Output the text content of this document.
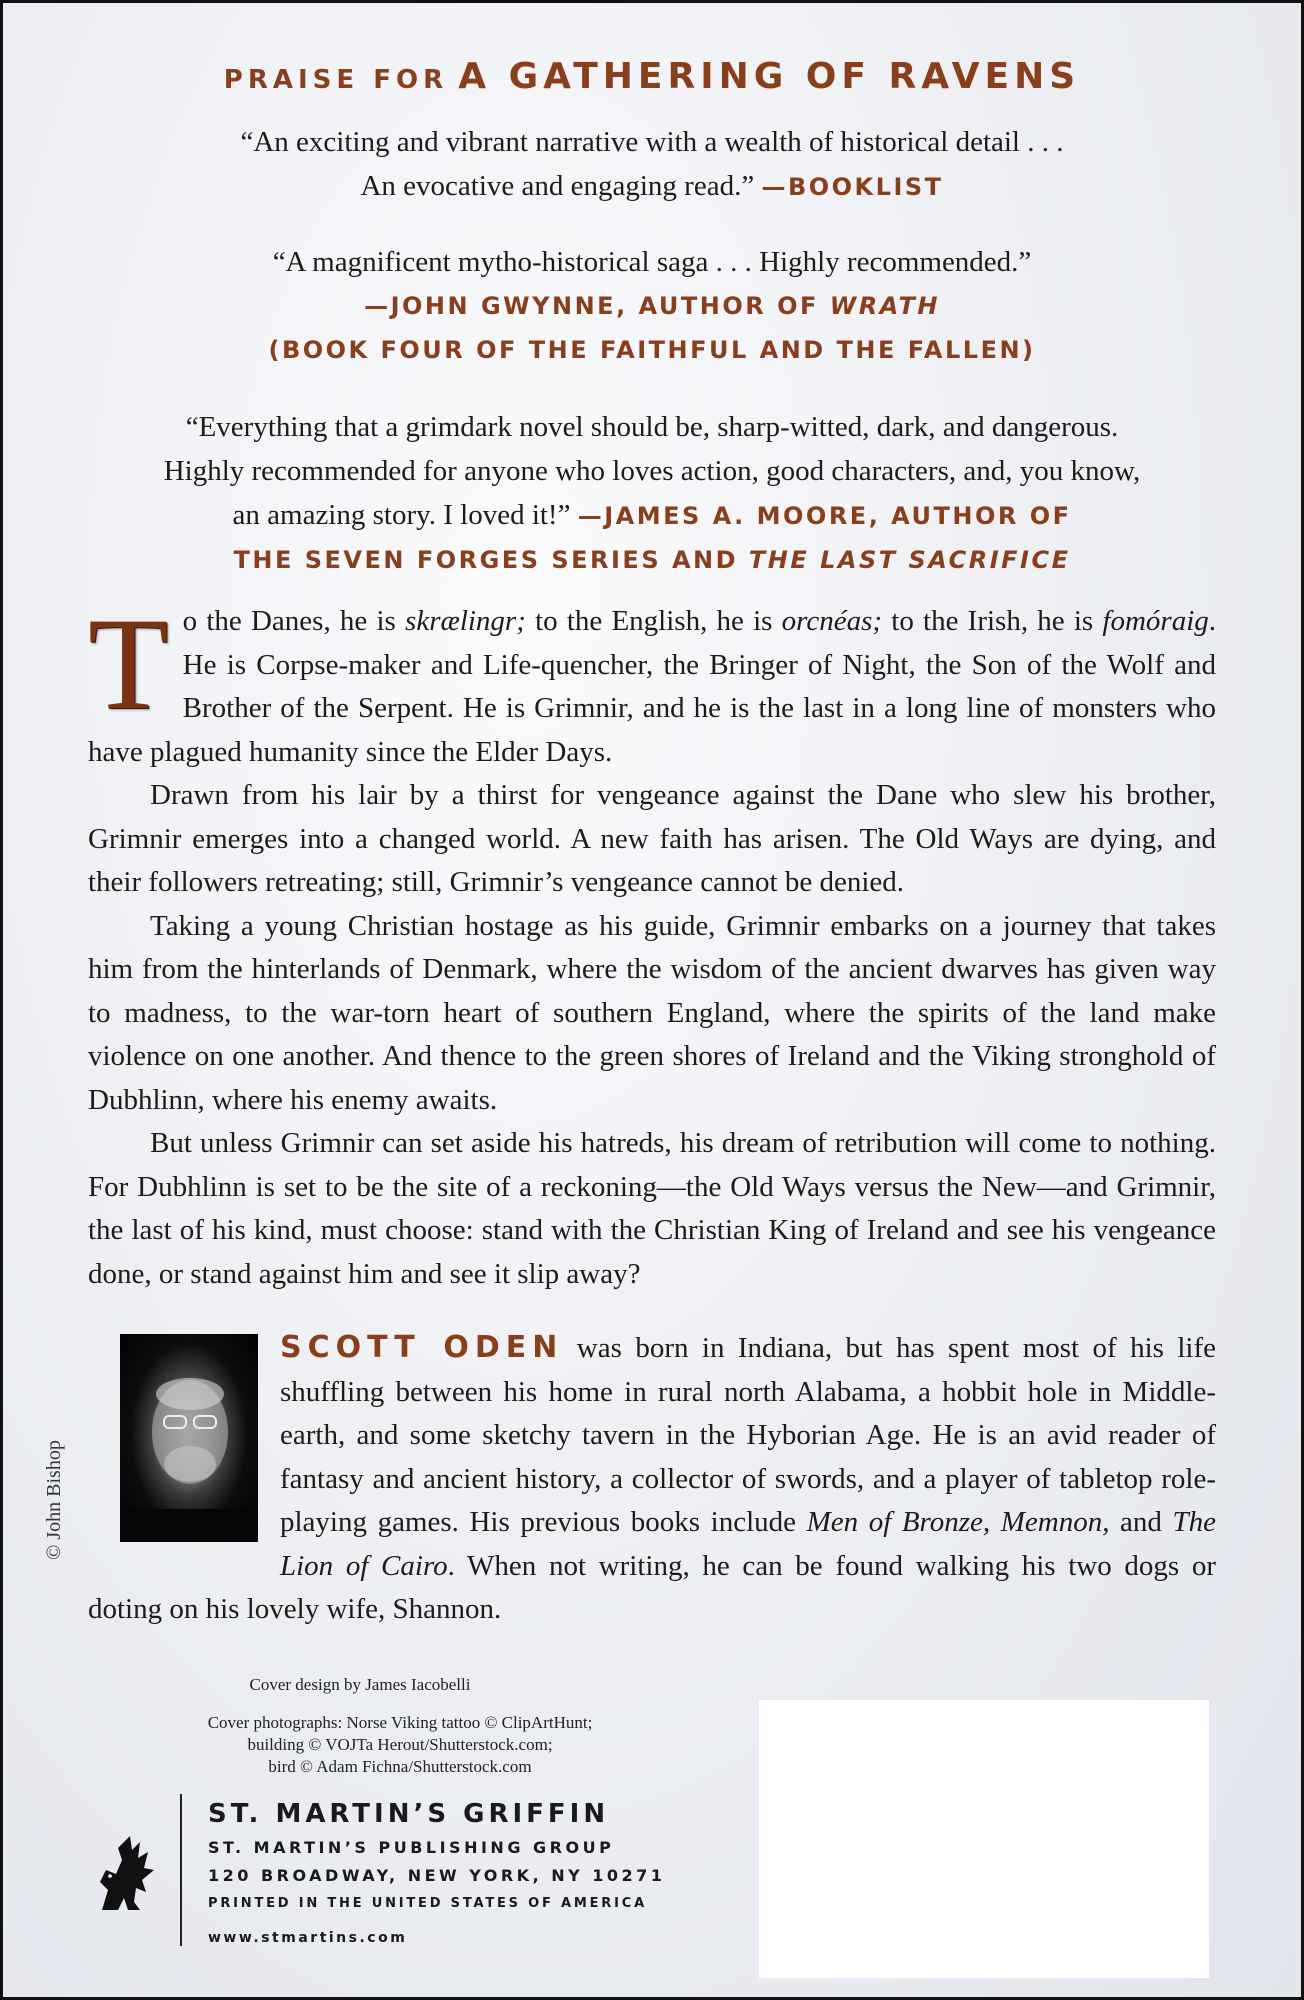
PRAISE FOR A GATHERING OF RAVENS
“An exciting and vibrant narrative with a wealth of historical detail . . .
An evocative and engaging read.” —BOOKLIST
“A magnificent mytho-historical saga . . . Highly recommended.”
—JOHN GWYNNE, AUTHOR OF WRATH
(BOOK FOUR OF THE FAITHFUL AND THE FALLEN)
“Everything that a grimdark novel should be, sharp-witted, dark, and dangerous.
Highly recommended for anyone who loves action, good characters, and, you know,
an amazing story. I loved it!” —JAMES A. MOORE, AUTHOR OF
THE SEVEN FORGES SERIES AND THE LAST SACRIFICE

To the Danes, he is skrælingr; to the English, he is orcnéas; to the Irish, he is fomóraig. He is Corpse-maker and Life-quencher, the Bringer of Night, the Son of the Wolf and Brother of the Serpent. He is Grimnir, and he is the last in a long line of monsters who have plagued humanity since the Elder Days.

Drawn from his lair by a thirst for vengeance against the Dane who slew his brother, Grimnir emerges into a changed world. A new faith has arisen. The Old Ways are dying, and their followers retreating; still, Grimnir’s vengeance cannot be denied.

Taking a young Christian hostage as his guide, Grimnir embarks on a journey that takes him from the hinterlands of Denmark, where the wisdom of the ancient dwarves has given way to madness, to the war-torn heart of southern England, where the spirits of the land make violence on one another. And thence to the green shores of Ireland and the Viking stronghold of Dubhlinn, where his enemy awaits.

But unless Grimnir can set aside his hatreds, his dream of retribution will come to nothing. For Dubhlinn is set to be the site of a reckoning—the Old Ways versus the New—and Grimnir, the last of his kind, must choose: stand with the Christian King of Ireland and see his vengeance done, or stand against him and see it slip away?

© John Bishop
SCOTT ODEN was born in Indiana, but has spent most of his life shuffling between his home in rural north Alabama, a hobbit hole in Middle-earth, and some sketchy tavern in the Hyborian Age. He is an avid reader of fantasy and ancient history, a collector of swords, and a player of tabletop role-playing games. His previous books include Men of Bronze, Memnon, and The Lion of Cairo. When not writing, he can be found walking his two dogs or doting on his lovely wife, Shannon.
Cover design by James Iacobelli
Cover photographs: Norse Viking tattoo © ClipArtHunt;
building © VOJTa Herout/Shutterstock.com;
bird © Adam Fichna/Shutterstock.com
ST. MARTIN’S GRIFFIN
ST. MARTIN’S PUBLISHING GROUP
120 BROADWAY, NEW YORK, NY 10271
PRINTED IN THE UNITED STATES OF AMERICA
www.stmartins.com
